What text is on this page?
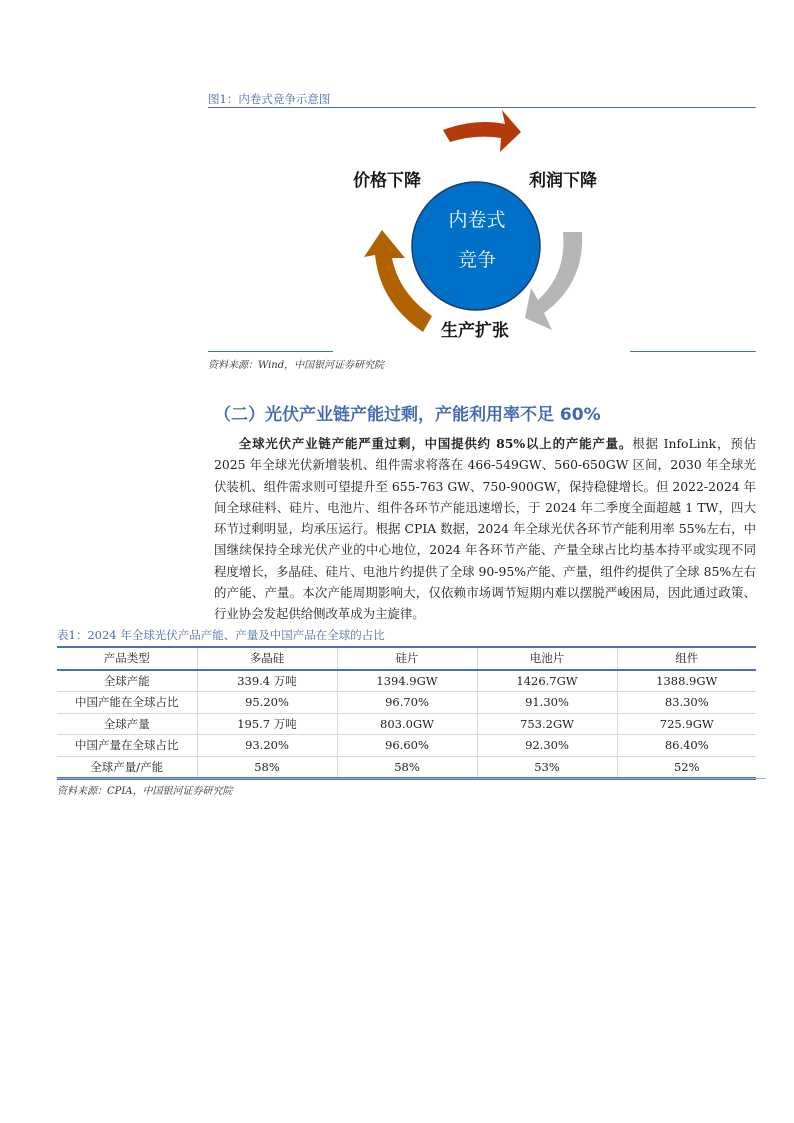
图1：内卷式竞争示意图
内卷式
竞争
价格下降	利润下降
生产扩张
资料来源：Wind，中国银河证券研究院
（二）光伏产业链产能过剩，产能利用率不足 60%
全球光伏产业链产能严重过剩，中国提供约 85%以上的产能产量。根据 InfoLink，预估 2025 年全球光伏新增装机、组件需求将落在 466-549GW、560-650GW 区间，2030 年全球光伏装机、组件需求则可望提升至 655-763 GW、750-900GW，保持稳健增长。但 2022-2024 年间全球硅料、硅片、电池片、组件各环节产能迅速增长，于 2024 年二季度全面超越 1 TW，四大环节过剩明显，均承压运行。根据 CPIA 数据，2024 年全球光伏各环节产能利用率 55%左右，中国继续保持全球光伏产业的中心地位，2024 年各环节产能、产量全球占比均基本持平或实现不同程度增长，多晶硅、硅片、电池片约提供了全球 90-95%产能、产量，组件约提供了全球 85%左右的产能、产量。本次产能周期影响大，仅依赖市场调节短期内难以摆脱严峻困局，因此通过政策、行业协会发起供给侧改革成为主旋律。
表1：2024 年全球光伏产品产能、产量及中国产品在全球的占比
产品类型	多晶硅	硅片	电池片	组件
全球产能	339.4 万吨	1394.9GW	1426.7GW	1388.9GW
中国产能在全球占比	95.20%	96.70%	91.30%	83.30%
全球产量	195.7 万吨	803.0GW	753.2GW	725.9GW
中国产量在全球占比	93.20%	96.60%	92.30%	86.40%
全球产量/产能	58%	58%	53%	52%
资料来源：CPIA，中国银河证券研究院
